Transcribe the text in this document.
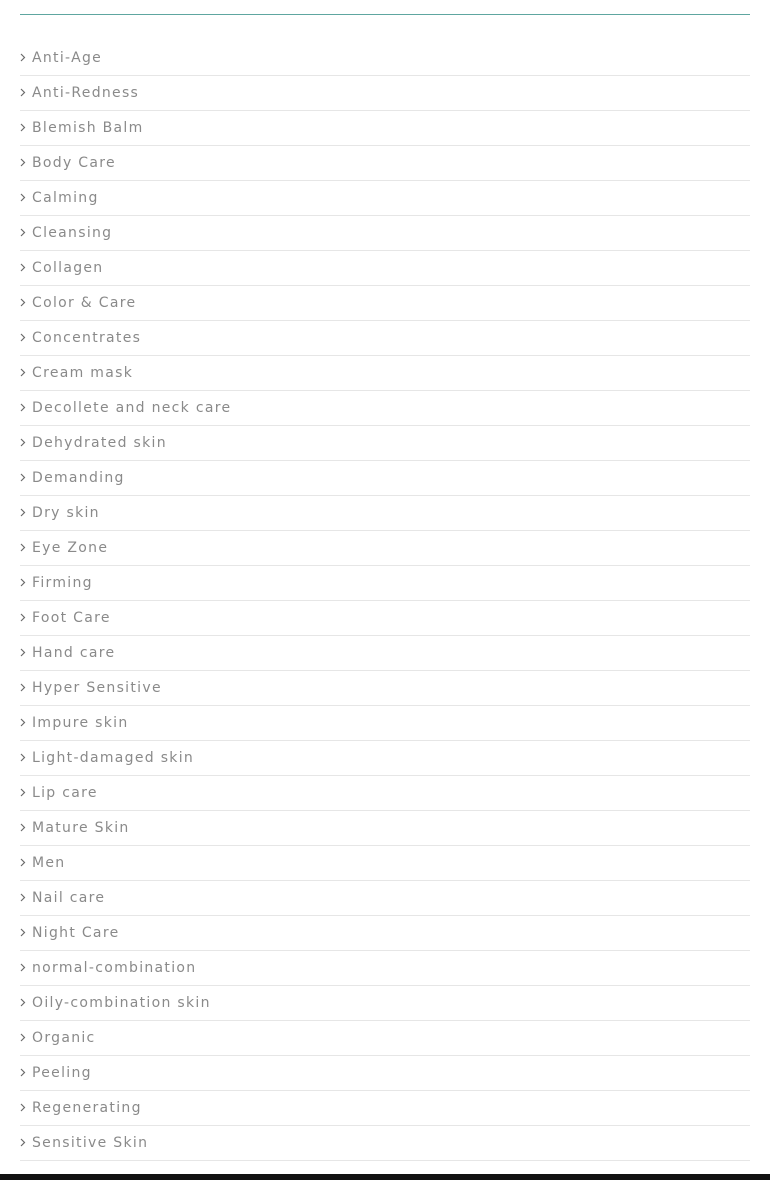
Anti-Age
Anti-Redness
Blemish Balm
Body Care
Calming
Cleansing
Collagen
Color & Care
Concentrates
Cream mask
Decollete and neck care
Dehydrated skin
Demanding
Dry skin
Eye Zone
Firming
Foot Care
Hand care
Hyper Sensitive
Impure skin
Light-damaged skin
Lip care
Mature Skin
Men
Nail care
Night Care
normal-combination
Oily-combination skin
Organic
Peeling
Regenerating
Sensitive Skin
